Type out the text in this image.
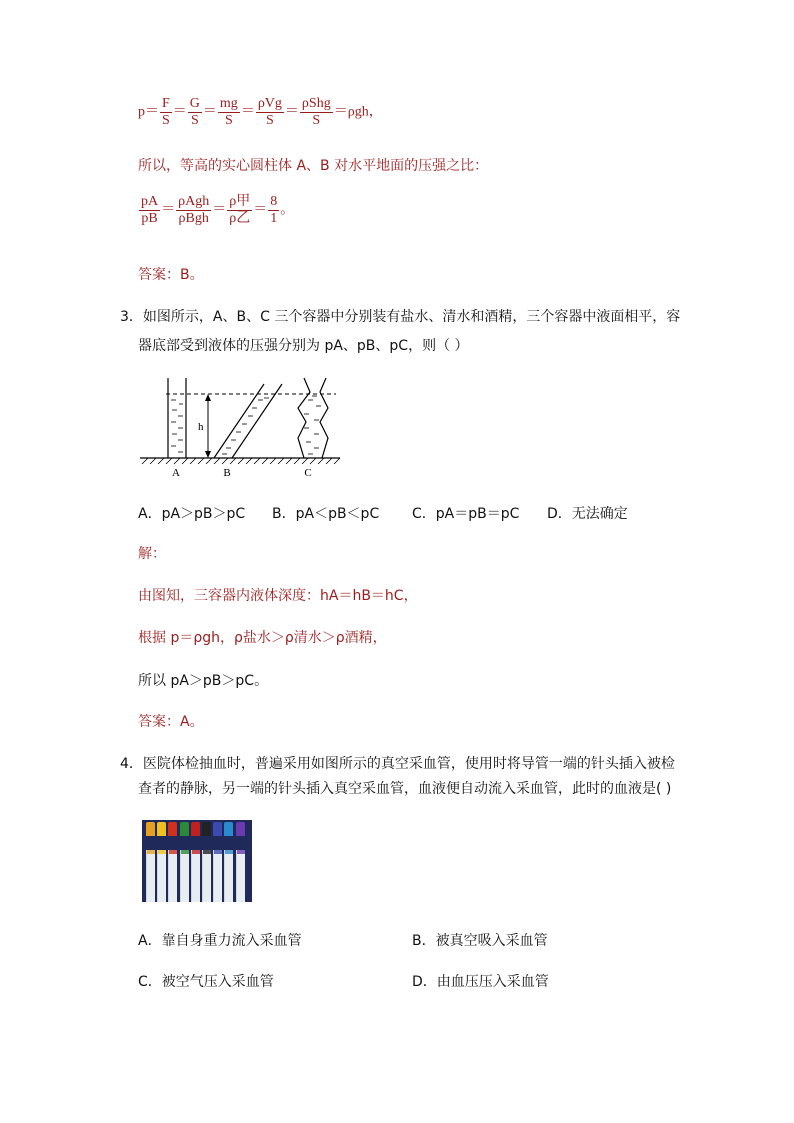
$p= \frac{F}{S} = \frac{G}{S} = \frac{mg}{S} = \frac{\text{ρVg}}{S} = \frac{\text{ρShg}}{S} =\rho gh$，
所以，等高的实心圆柱体 A、B 对水平地面的压强之比：
$\frac{pA}{pB} = \frac{\text{ρAgh}}{\text{ρBgh}} = \frac{\text{ρ甲}}{\text{ρ乙}} = \frac{8}{1}$ 。
答案：B。
3．如图所示，A、B、C 三个容器中分别装有盐水、清水和酒精，三个容器中液面相平，容
器底部受到液体的压强分别为 pA、pB、pC，则（ ）
A	B	C
h
A．pA＞pB＞pC B．pA＜pB＜pC C．pA＝pB＝pC D．无法确定
解：
由图知，三容器内液体深度：hA＝hB＝hC，
根据 p＝ρgh，ρ盐水＞ρ清水＞ρ酒精，
所以 pA＞pB＞pC。
答案：A。
4．医院体检抽血时，普遍采用如图所示的真空采血管，使用时将导管一端的针头插入被检
查者的静脉，另一端的针头插入真空采血管，血液便自动流入采血管，此时的血液是( )
A．靠自身重力流入采血管	B．被真空吸入采血管
C．被空气压入采血管	D．由血压压入采血管
